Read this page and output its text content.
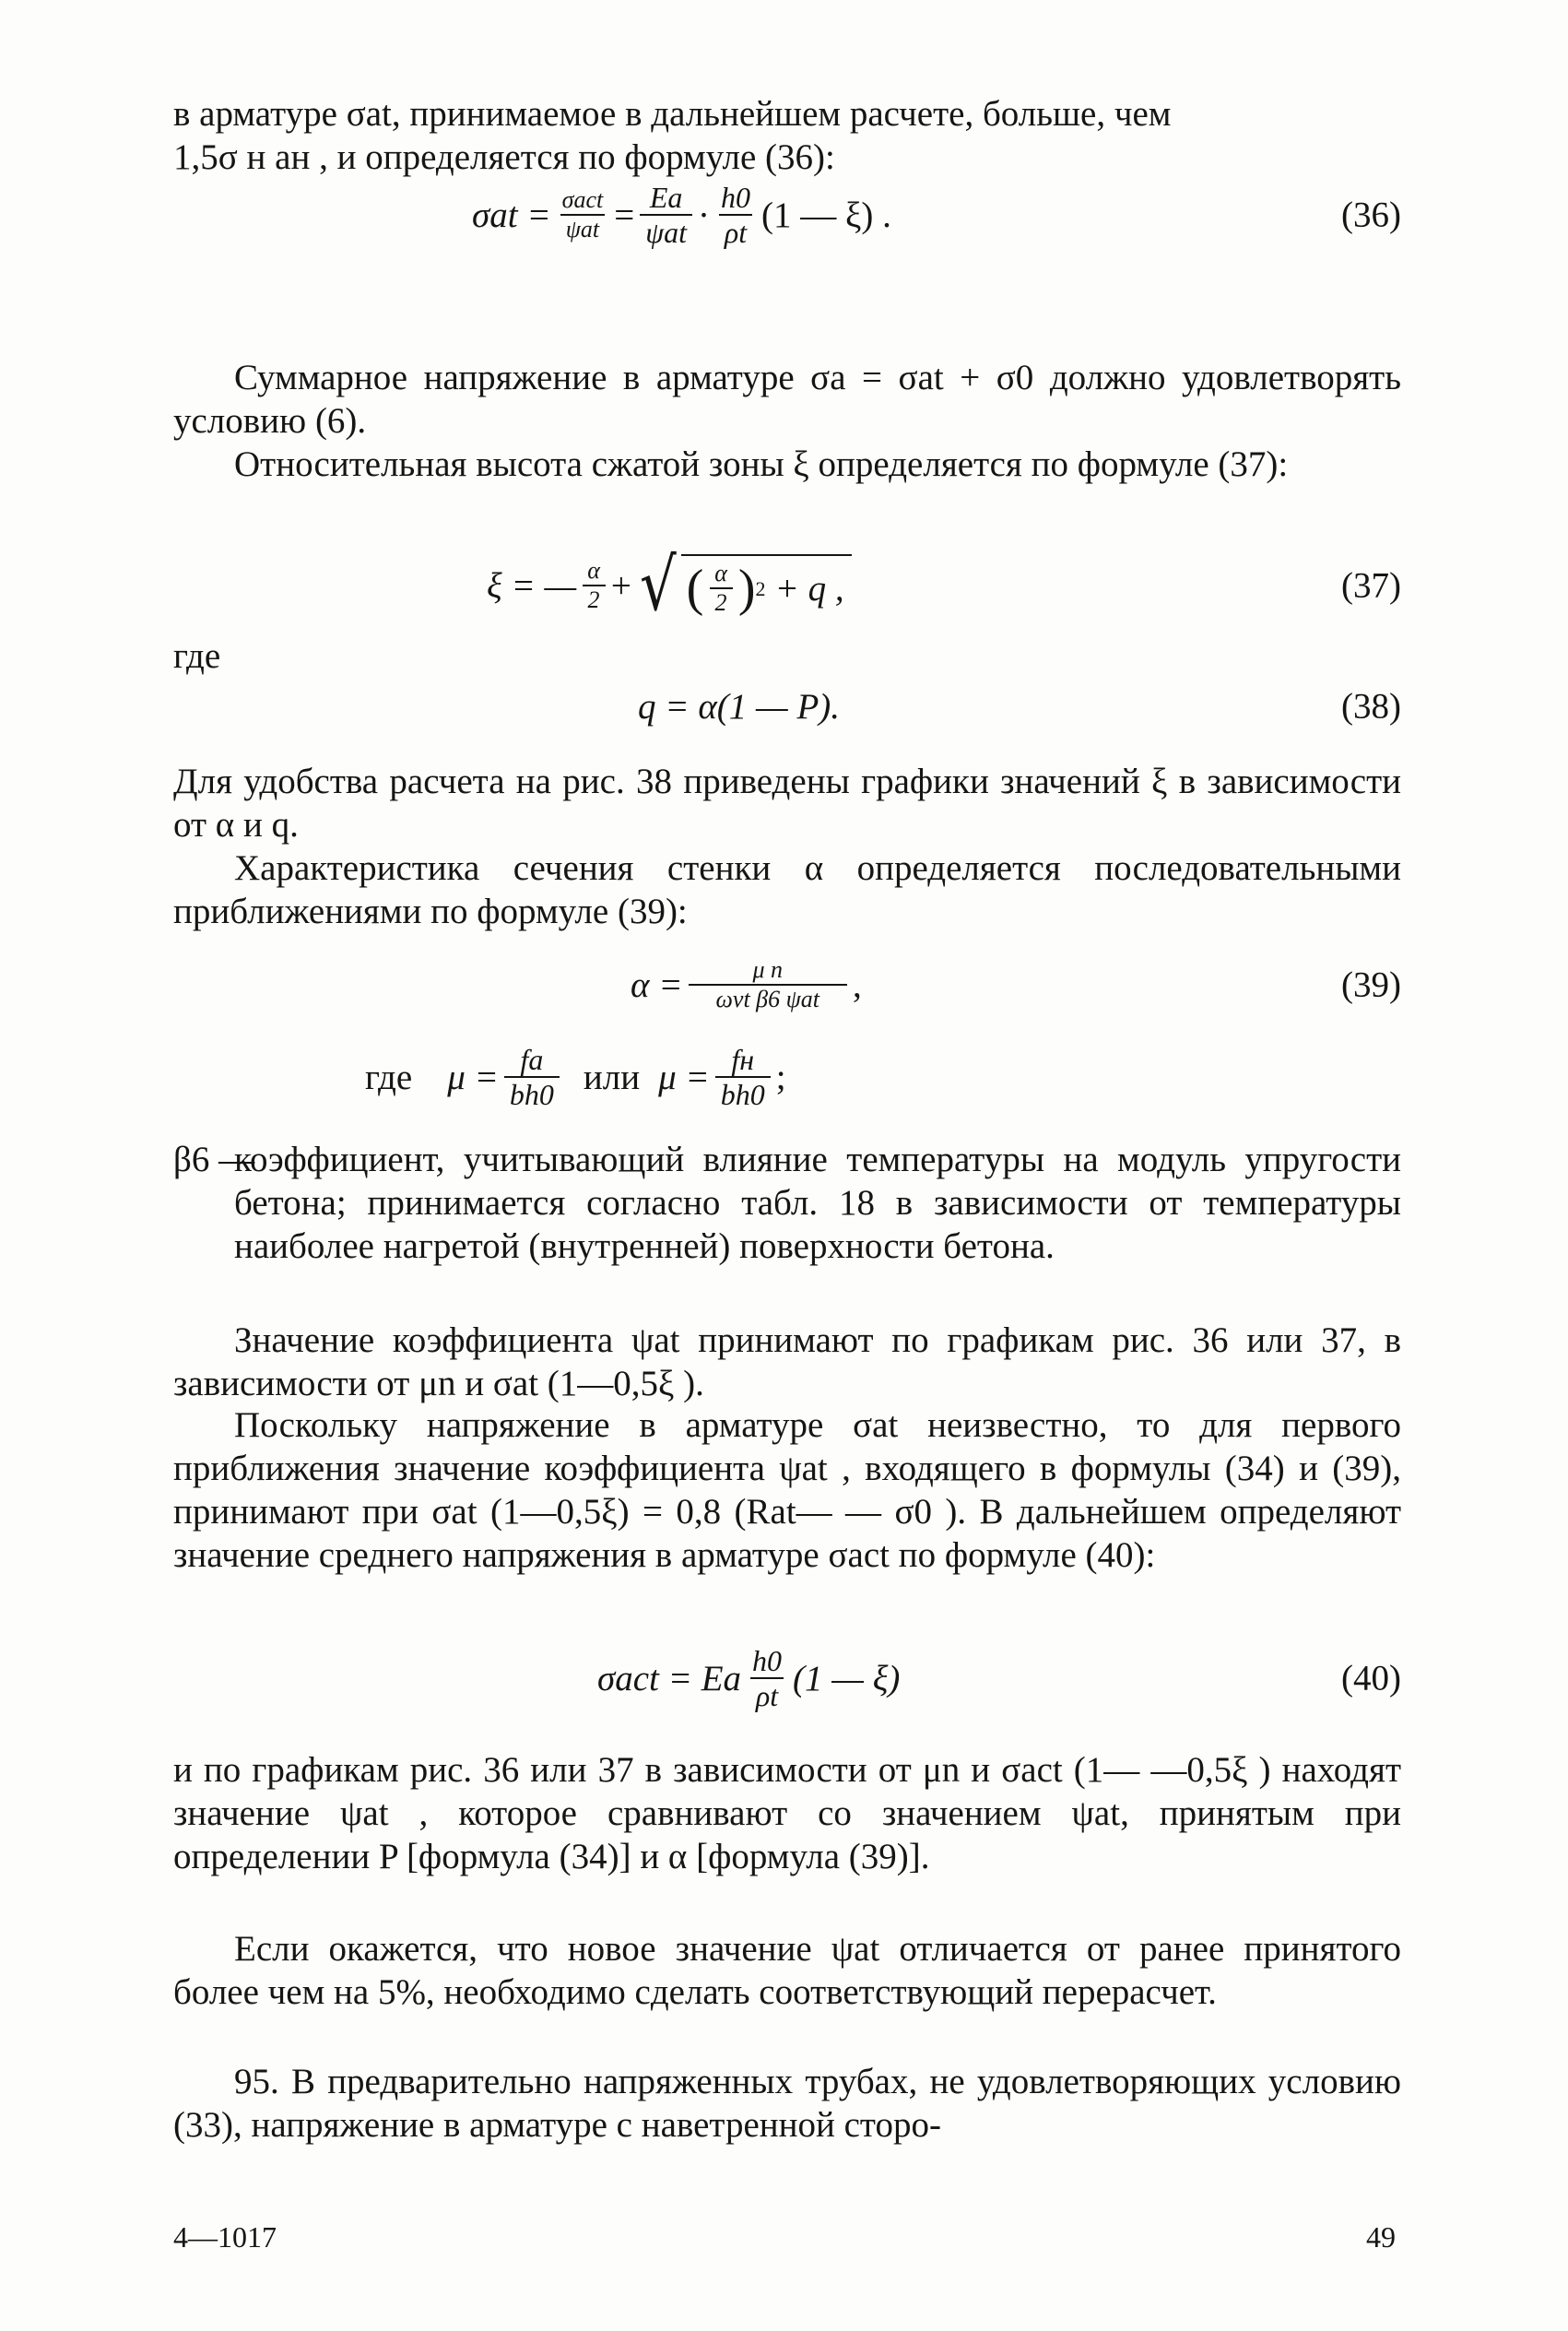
в арматуре σat, принимаемое в дальнейшем расчете, больше, чем
1,5σ н ан , и определяется по формуле (36):

$\sigma at = \frac{\text{σact}}{\text{ψat}} = \frac{Eа}{\text{ψat}} \cdot \frac{h0}{\rho t} (1$ — ξ) .	(36)

Суммарное напряжение в арматуре σa = σat + σ0 должно удовлетворять условию (6).

Относительная высота сжатой зоны ξ определяется по формуле (37):

ξ = — $\frac{\alpha}{2}$ + √ ( $\frac{\alpha}{2}$ ) 2 + q ,	(37)

где

q = α(1 — P).	(38)

Для удобства расчета на рис. 38 приведены графики значений ξ в зависимости от α и q.

Характеристика сечения стенки α определяется последовательными приближениями по формуле (39):

$\alpha = \frac{\text{μ n}}{\text{ωνt β6 ψat}}$ ,	(39)
где $\mu = \frac{fа}{bh0}$ или $\mu = \frac{fн}{bh0}$ ;

β6 —
коэффициент, учитывающий влияние температуры на модуль упругости бетона; принимается согласно табл. 18 в зависимости от температуры наиболее нагретой (внутренней) поверхности бетона.

Значение коэффициента ψat принимают по графикам рис. 36 или 37, в зависимости от μn и σat (1—0,5ξ ).

Поскольку напряжение в арматуре σat неизвестно, то для первого приближения значение коэффициента ψat , входящего в формулы (34) и (39), принимают при σat (1—0,5ξ) = 0,8 (Rat— — σ0 ). В дальнейшем определяют значение среднего напряжения в арматуре σact по формуле (40):

σact = Eа $\frac{h0}{\rho t} (1$ — ξ)	(40)

и по графикам рис. 36 или 37 в зависимости от μn и σact (1— —0,5ξ ) находят значение ψat , которое сравнивают со значением ψat, принятым при определении P [формула (34)] и α [формула (39)].

Если окажется, что новое значение ψat отличается от ранее принятого более чем на 5%, необходимо сделать соответствующий перерасчет.

95. В предварительно напряженных трубах, не удовлетворяющих условию (33), напряжение в арматуре с наветренной сторо-

4—1017	49
